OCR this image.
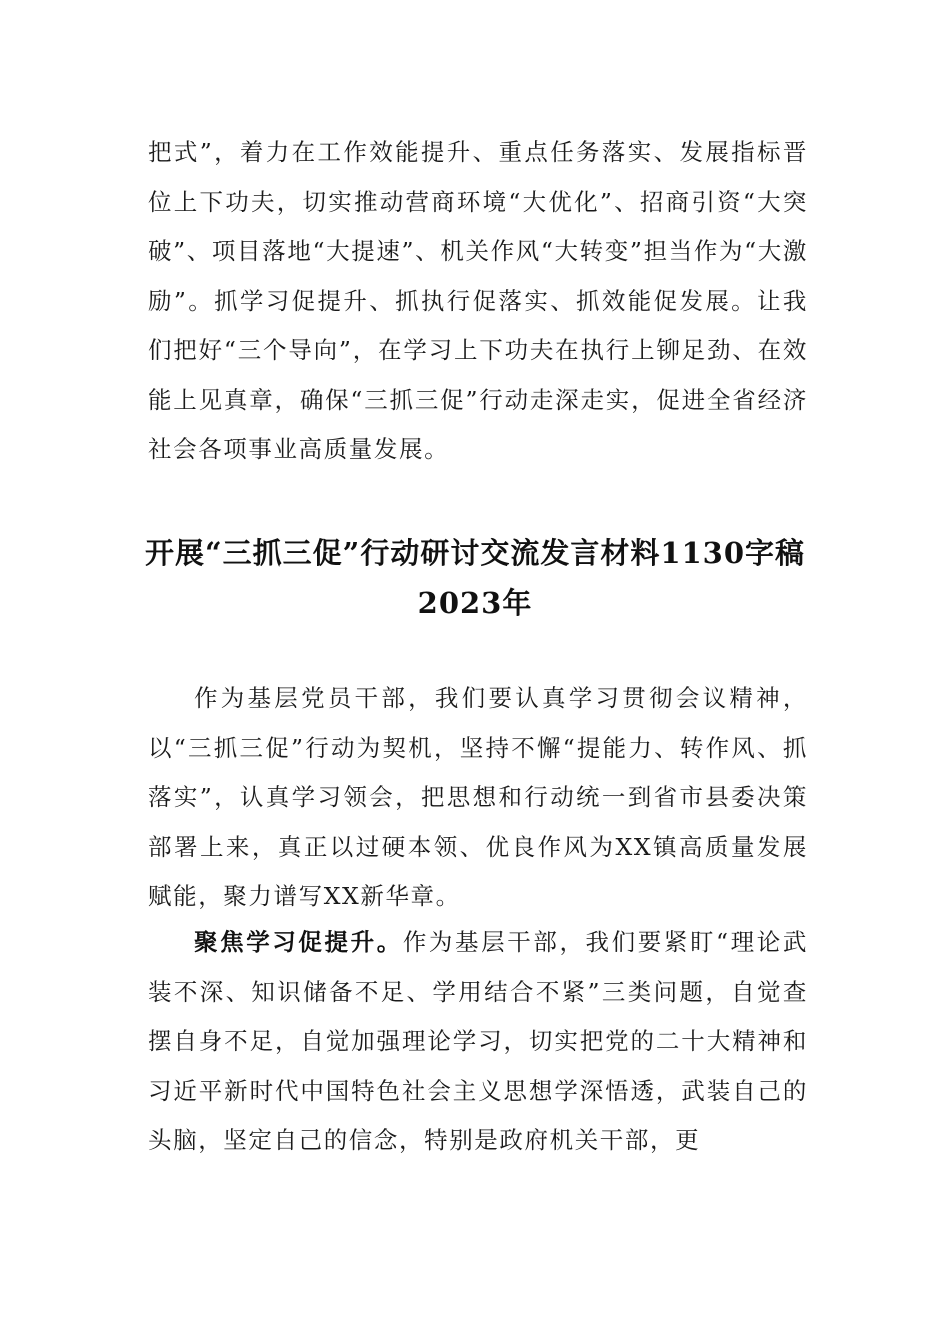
把式”，着力在工作效能提升、重点任务落实、发展指标晋位上下功夫，切实推动营商环境“大优化”、招商引资“大突破”、项目落地“大提速”、机关作风“大转变”担当作为“大激励”。抓学习促提升、抓执行促落实、抓效能促发展。让我们把好“三个导向”，在学习上下功夫在执行上铆足劲、在效能上见真章，确保“三抓三促”行动走深走实，促进全省经济社会各项事业高质量发展。

开展“三抓三促”行动研讨交流发言材料1130字稿2023年

作为基层党员干部，我们要认真学习贯彻会议精神，以“三抓三促”行动为契机，坚持不懈“提能力、转作风、抓落实”，认真学习领会，把思想和行动统一到省市县委决策部署上来，真正以过硬本领、优良作风为XX镇高质量发展赋能，聚力谱写XX新华章。

聚焦学习促提升。作为基层干部，我们要紧盯“理论武装不深、知识储备不足、学用结合不紧”三类问题，自觉查摆自身不足，自觉加强理论学习，切实把党的二十大精神和习近平新时代中国特色社会主义思想学深悟透，武装自己的头脑，坚定自己的信念，特别是政府机关干部，更
